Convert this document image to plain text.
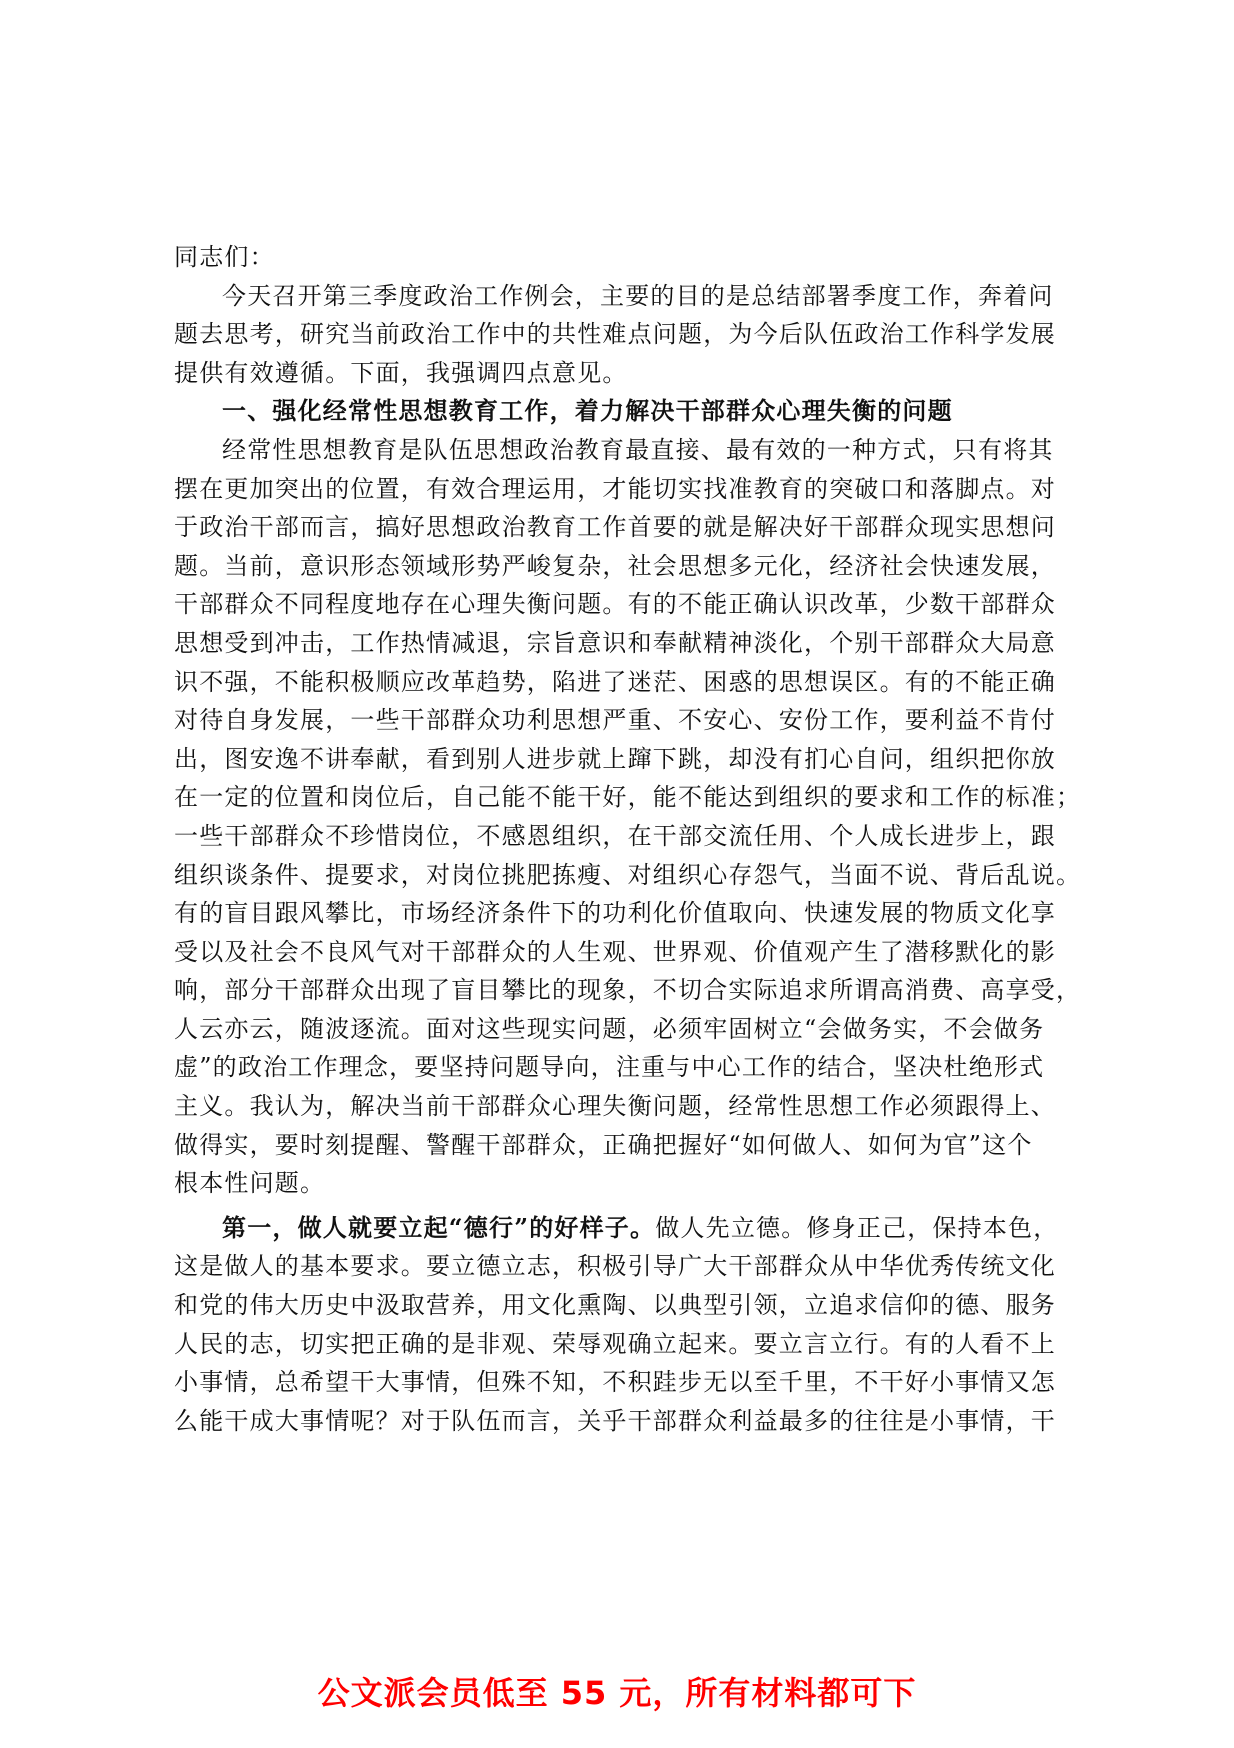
同志们：
今天召开第三季度政治工作例会，主要的目的是总结部署季度工作，奔着问
题去思考，研究当前政治工作中的共性难点问题，为今后队伍政治工作科学发展
提供有效遵循。下面，我强调四点意见。
一、强化经常性思想教育工作，着力解决干部群众心理失衡的问题
经常性思想教育是队伍思想政治教育最直接、最有效的一种方式，只有将其
摆在更加突出的位置，有效合理运用，才能切实找准教育的突破口和落脚点。对
于政治干部而言，搞好思想政治教育工作首要的就是解决好干部群众现实思想问
题。当前，意识形态领域形势严峻复杂，社会思想多元化，经济社会快速发展，
干部群众不同程度地存在心理失衡问题。有的不能正确认识改革，少数干部群众
思想受到冲击，工作热情减退，宗旨意识和奉献精神淡化，个别干部群众大局意
识不强，不能积极顺应改革趋势，陷进了迷茫、困惑的思想误区。有的不能正确
对待自身发展，一些干部群众功利思想严重、不安心、安份工作，要利益不肯付
出，图安逸不讲奉献，看到别人进步就上蹿下跳，却没有扪心自问，组织把你放
在一定的位置和岗位后，自己能不能干好，能不能达到组织的要求和工作的标准；
一些干部群众不珍惜岗位，不感恩组织，在干部交流任用、个人成长进步上，跟
组织谈条件、提要求，对岗位挑肥拣瘦、对组织心存怨气，当面不说、背后乱说。
有的盲目跟风攀比，市场经济条件下的功利化价值取向、快速发展的物质文化享
受以及社会不良风气对干部群众的人生观、世界观、价值观产生了潜移默化的影
响，部分干部群众出现了盲目攀比的现象，不切合实际追求所谓高消费、高享受，
人云亦云，随波逐流。面对这些现实问题，必须牢固树立“会做务实，不会做务
虚”的政治工作理念，要坚持问题导向，注重与中心工作的结合，坚决杜绝形式
主义。我认为，解决当前干部群众心理失衡问题，经常性思想工作必须跟得上、
做得实，要时刻提醒、警醒干部群众，正确把握好“如何做人、如何为官”这个
根本性问题。
第一，做人就要立起“德行”的好样子。做人先立德。修身正己，保持本色，
这是做人的基本要求。要立德立志，积极引导广大干部群众从中华优秀传统文化
和党的伟大历史中汲取营养，用文化熏陶、以典型引领，立追求信仰的德、服务
人民的志，切实把正确的是非观、荣辱观确立起来。要立言立行。有的人看不上
小事情，总希望干大事情，但殊不知，不积跬步无以至千里，不干好小事情又怎
么能干成大事情呢？对于队伍而言，关乎干部群众利益最多的往往是小事情，干
公文派会员低至 55 元，所有材料都可下
